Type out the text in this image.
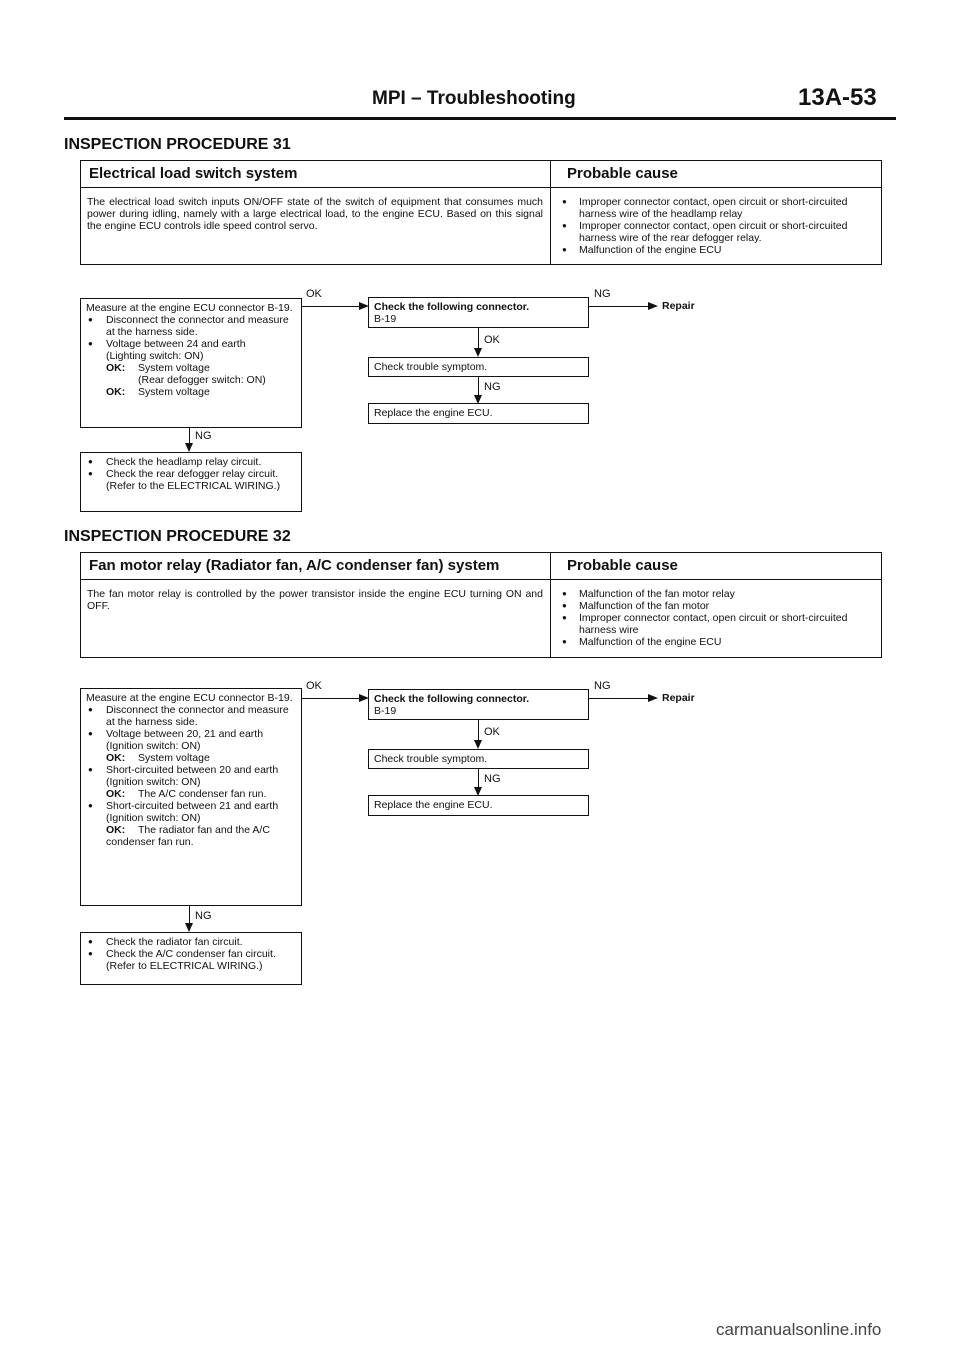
MPI – Troubleshooting	13A-53
INSPECTION PROCEDURE 31
Electrical load switch system	Probable cause
The electrical load switch inputs ON/OFF state of the switch of equipment that consumes much power during idling, namely with a large electrical load, to the engine ECU. Based on this signal the engine ECU controls idle speed control servo.
● Improper connector contact, open circuit or short-circuited harness wire of the headlamp relay
● Improper connector contact, open circuit or short-circuited harness wire of the rear defogger relay.
● Malfunction of the engine ECU
Measure at the engine ECU connector B-19.
● Disconnect the connector and measure at the harness side.
● Voltage between 24 and earth
(Lighting switch: ON)
OK: System voltage
(Rear defogger switch: ON)
OK: System voltage
OK
NG
● Check the headlamp relay circuit.
● Check the rear defogger relay circuit. (Refer to the ELECTRICAL WIRING.)
Check the following connector.
B-19
NG
Repair
OK
Check trouble symptom.
NG
Replace the engine ECU.
INSPECTION PROCEDURE 32
Fan motor relay (Radiator fan, A/C condenser fan) system	Probable cause
The fan motor relay is controlled by the power transistor inside the engine ECU turning ON and OFF.
● Malfunction of the fan motor relay
● Malfunction of the fan motor
● Improper connector contact, open circuit or short-circuited harness wire
● Malfunction of the engine ECU
Measure at the engine ECU connector B-19.
● Disconnect the connector and measure at the harness side.
● Voltage between 20, 21 and earth
(Ignition switch: ON)
OK: System voltage
● Short-circuited between 20 and earth
(Ignition switch: ON)
OK: The A/C condenser fan run.
● Short-circuited between 21 and earth
(Ignition switch: ON)
OK: The radiator fan and the A/C condenser fan run.
OK
NG
● Check the radiator fan circuit.
● Check the A/C condenser fan circuit. (Refer to ELECTRICAL WIRING.)
Check the following connector.
B-19
NG
Repair
OK
Check trouble symptom.
NG
Replace the engine ECU.
carmanualsonline.info
